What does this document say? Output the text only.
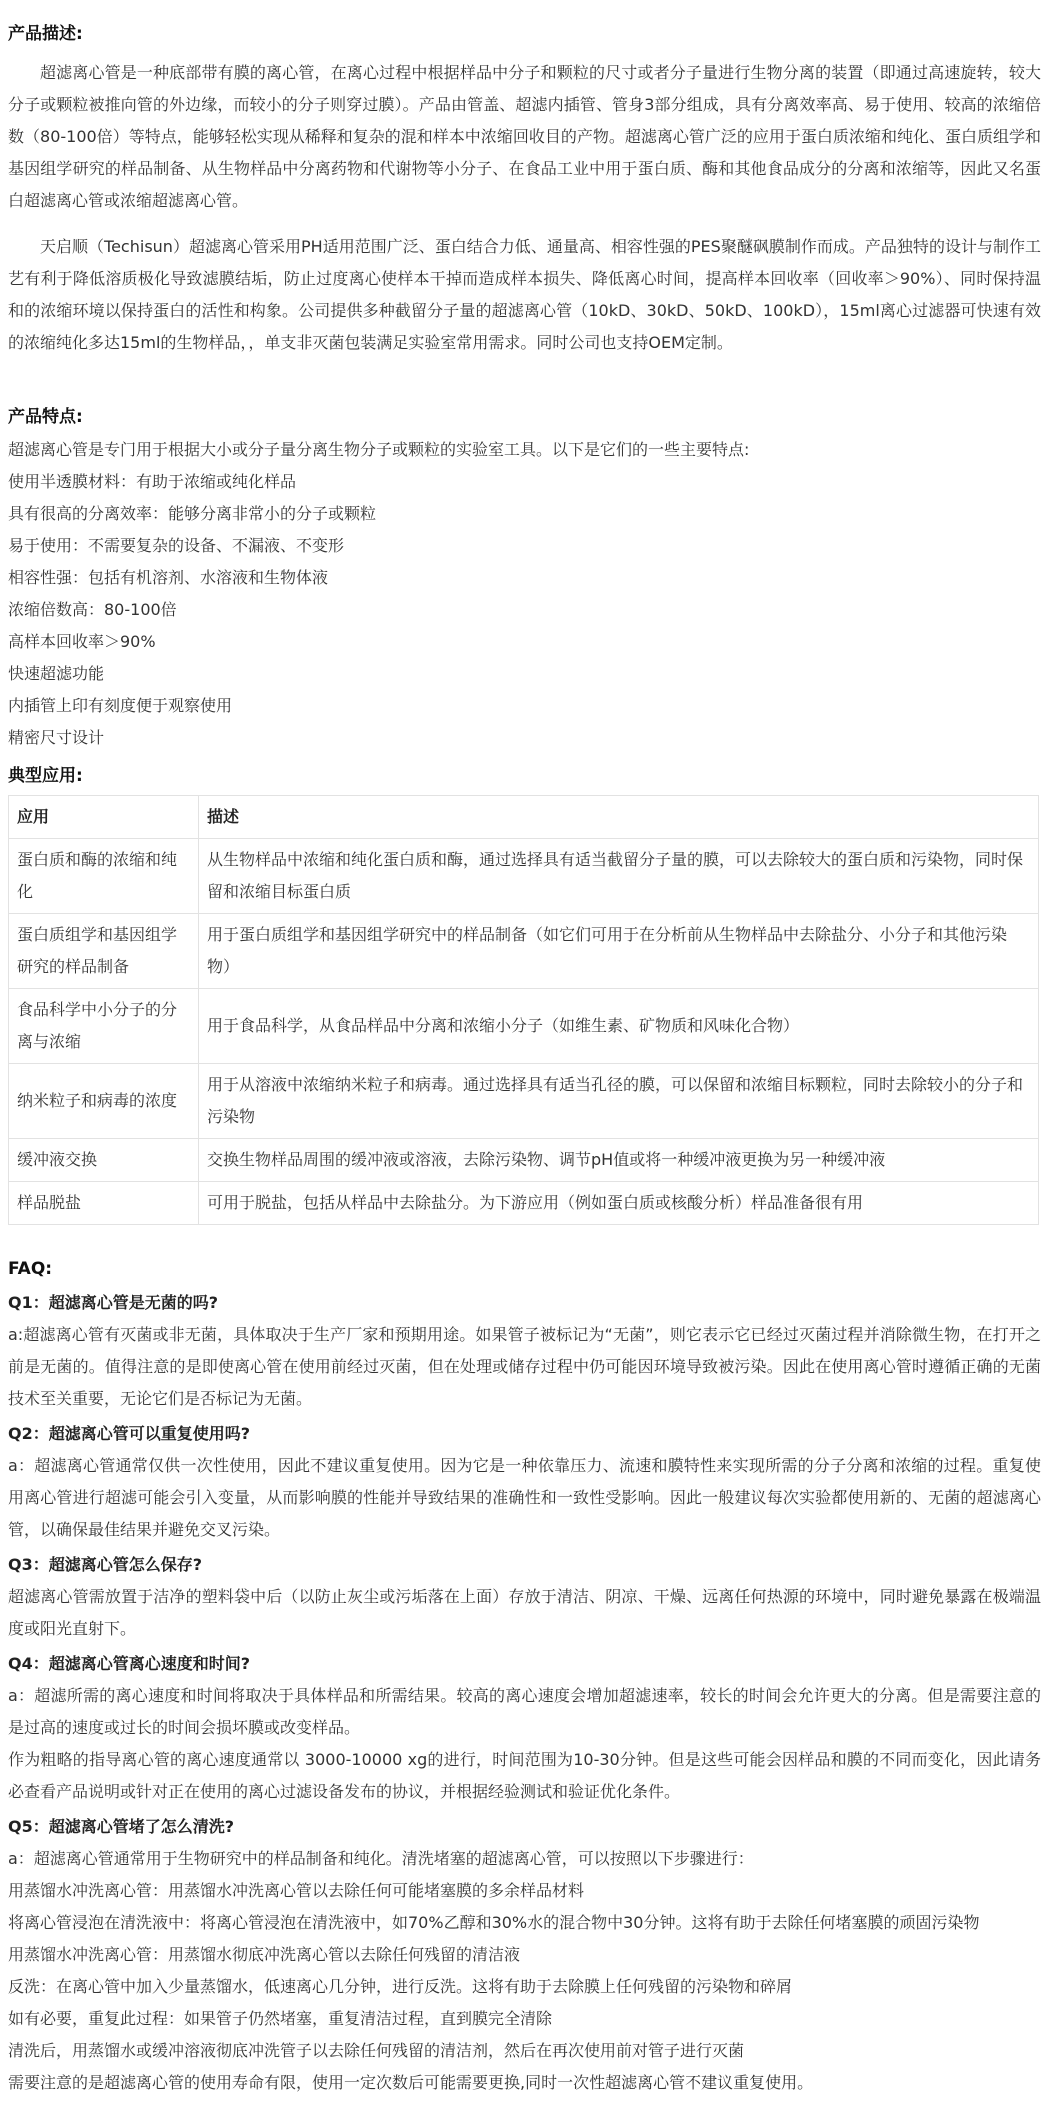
产品描述:

超滤离心管是一种底部带有膜的离心管，在离心过程中根据样品中分子和颗粒的尺寸或者分子量进行生物分离的装置（即通过高速旋转，较大分子或颗粒被推向管的外边缘，而较小的分子则穿过膜）。产品由管盖、超滤内插管、管身3部分组成，具有分离效率高、易于使用、较高的浓缩倍数（80-100倍）等特点，能够轻松实现从稀释和复杂的混和样本中浓缩回收目的产物。超滤离心管广泛的应用于蛋白质浓缩和纯化、蛋白质组学和基因组学研究的样品制备、从生物样品中分离药物和代谢物等小分子、在食品工业中用于蛋白质、酶和其他食品成分的分离和浓缩等，因此又名蛋白超滤离心管或浓缩超滤离心管。

天启顺（Techisun）超滤离心管采用PH适用范围广泛、蛋白结合力低、通量高、相容性强的PES聚醚砜膜制作而成。产品独特的设计与制作工艺有利于降低溶质极化导致滤膜结垢，防止过度离心使样本干掉而造成样本损失、降低离心时间，提高样本回收率（回收率＞90%）、同时保持温和的浓缩环境以保持蛋白的活性和构象。公司提供多种截留分子量的超滤离心管（10kD、30kD、50kD、100kD），15ml离心过滤器可快速有效的浓缩纯化多达15ml的生物样品，，单支非灭菌包装满足实验室常用需求。同时公司也支持OEM定制。

产品特点:

超滤离心管是专门用于根据大小或分子量分离生物分子或颗粒的实验室工具。以下是它们的一些主要特点:

使用半透膜材料：有助于浓缩或纯化样品

具有很高的分离效率：能够分离非常小的分子或颗粒

易于使用：不需要复杂的设备、不漏液、不变形

相容性强：包括有机溶剂、水溶液和生物体液

浓缩倍数高：80-100倍

高样本回收率＞90%

快速超滤功能

内插管上印有刻度便于观察使用

精密尺寸设计

典型应用:
应用	描述
蛋白质和酶的浓缩和纯化	从生物样品中浓缩和纯化蛋白质和酶，通过选择具有适当截留分子量的膜，可以去除较大的蛋白质和污染物，同时保留和浓缩目标蛋白质
蛋白质组学和基因组学研究的样品制备	用于蛋白质组学和基因组学研究中的样品制备（如它们可用于在分析前从生物样品中去除盐分、小分子和其他污染物）
食品科学中小分子的分离与浓缩	用于食品科学，从食品样品中分离和浓缩小分子（如维生素、矿物质和风味化合物）
纳米粒子和病毒的浓度	用于从溶液中浓缩纳米粒子和病毒。通过选择具有适当孔径的膜，可以保留和浓缩目标颗粒，同时去除较小的分子和污染物
缓冲液交换	交换生物样品周围的缓冲液或溶液，去除污染物、调节pH值或将一种缓冲液更换为另一种缓冲液
样品脱盐	可用于脱盐，包括从样品中去除盐分。为下游应用（例如蛋白质或核酸分析）样品准备很有用
FAQ:

Q1：超滤离心管是无菌的吗?

a:超滤离心管有灭菌或非无菌，具体取决于生产厂家和预期用途。如果管子被标记为“无菌”，则它表示它已经过灭菌过程并消除微生物，在打开之前是无菌的。值得注意的是即使离心管在使用前经过灭菌，但在处理或储存过程中仍可能因环境导致被污染。因此在使用离心管时遵循正确的无菌技术至关重要，无论它们是否标记为无菌。

Q2：超滤离心管可以重复使用吗?

a：超滤离心管通常仅供一次性使用，因此不建议重复使用。因为它是一种依靠压力、流速和膜特性来实现所需的分子分离和浓缩的过程。重复使用离心管进行超滤可能会引入变量，从而影响膜的性能并导致结果的准确性和一致性受影响。因此一般建议每次实验都使用新的、无菌的超滤离心管，以确保最佳结果并避免交叉污染。

Q3：超滤离心管怎么保存?

超滤离心管需放置于洁净的塑料袋中后（以防止灰尘或污垢落在上面）存放于清洁、阴凉、干燥、远离任何热源的环境中，同时避免暴露在极端温度或阳光直射下。

Q4：超滤离心管离心速度和时间?

a：超滤所需的离心速度和时间将取决于具体样品和所需结果。较高的离心速度会增加超滤速率，较长的时间会允许更大的分离。但是需要注意的是过高的速度或过长的时间会损坏膜或改变样品。

作为粗略的指导离心管的离心速度通常以 3000-10000 xg的进行，时间范围为10-30分钟。但是这些可能会因样品和膜的不同而变化，因此请务必查看产品说明或针对正在使用的离心过滤设备发布的协议，并根据经验测试和验证优化条件。

Q5：超滤离心管堵了怎么清洗?

a：超滤离心管通常用于生物研究中的样品制备和纯化。清洗堵塞的超滤离心管，可以按照以下步骤进行：

用蒸馏水冲洗离心管：用蒸馏水冲洗离心管以去除任何可能堵塞膜的多余样品材料

将离心管浸泡在清洗液中：将离心管浸泡在清洗液中，如70%乙醇和30%水的混合物中30分钟。这将有助于去除任何堵塞膜的顽固污染物

用蒸馏水冲洗离心管：用蒸馏水彻底冲洗离心管以去除任何残留的清洁液

反洗：在离心管中加入少量蒸馏水，低速离心几分钟，进行反洗。这将有助于去除膜上任何残留的污染物和碎屑

如有必要，重复此过程：如果管子仍然堵塞，重复清洁过程，直到膜完全清除

清洗后，用蒸馏水或缓冲溶液彻底冲洗管子以去除任何残留的清洁剂，然后在再次使用前对管子进行灭菌

需要注意的是超滤离心管的使用寿命有限，使用一定次数后可能需要更换,同时一次性超滤离心管不建议重复使用。
